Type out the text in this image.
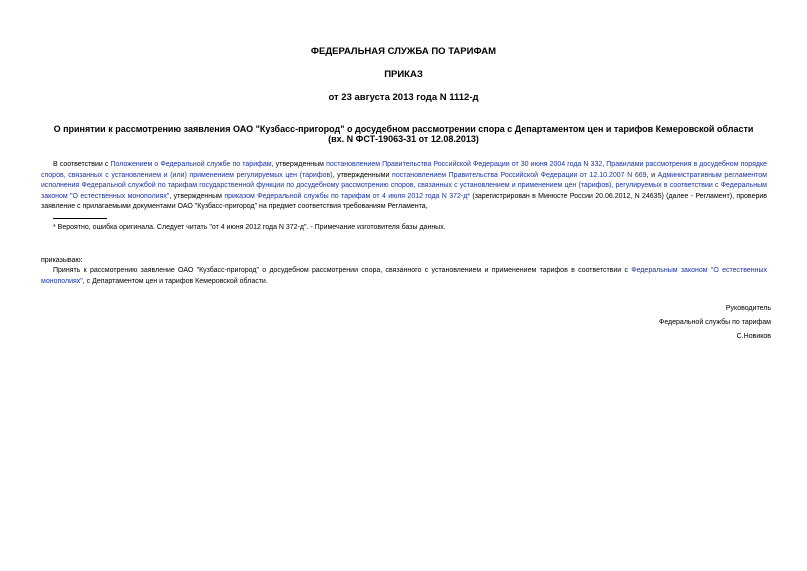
ФЕДЕРАЛЬНАЯ СЛУЖБА ПО ТАРИФАМ
ПРИКАЗ
от 23 августа 2013 года N 1112-д
О принятии к рассмотрению заявления ОАО "Кузбасс-пригород" о досудебном рассмотрении спора с Департаментом цен и тарифов Кемеровской области
(вх. N ФСТ-19063-31 от 12.08.2013)

В соответствии с Положением о Федеральной службе по тарифам, утвержденным постановлением Правительства Российской Федерации от 30 июня 2004 года N 332, Правилами рассмотрения в досудебном порядке споров, связанных с установлением и (или) применением регулируемых цен (тарифов), утвержденными постановлением Правительства Российской Федерации от 12.10.2007 N 669, и Административным регламентом исполнения Федеральной службой по тарифам государственной функции по досудебному рассмотрению споров, связанных с установлением и применением цен (тарифов), регулируемых в соответствии с Федеральным законом "О естественных монополиях", утвержденным приказом Федеральной службы по тарифам от 4 июля 2012 года N 372-д* (зарегистрирован в Минюсте России 20.06.2012, N 24635) (далее - Регламент), проверив заявление с прилагаемыми документами ОАО "Кузбасс-пригород" на предмет соответствия требованиям Регламента,

* Вероятно, ошибка оригинала. Следует читать "от 4 июня 2012 года N 372-д". - Примечание изготовителя базы данных.

приказываю:

Принять к рассмотрению заявление ОАО "Кузбасс-пригород" о досудебном рассмотрении спора, связанного с установлением и применением тарифов в соответствии с Федеральным законом "О естественных монополиях", с Департаментом цен и тарифов Кемеровской области.

Руководитель

Федеральной службы по тарифам

С.Новиков
